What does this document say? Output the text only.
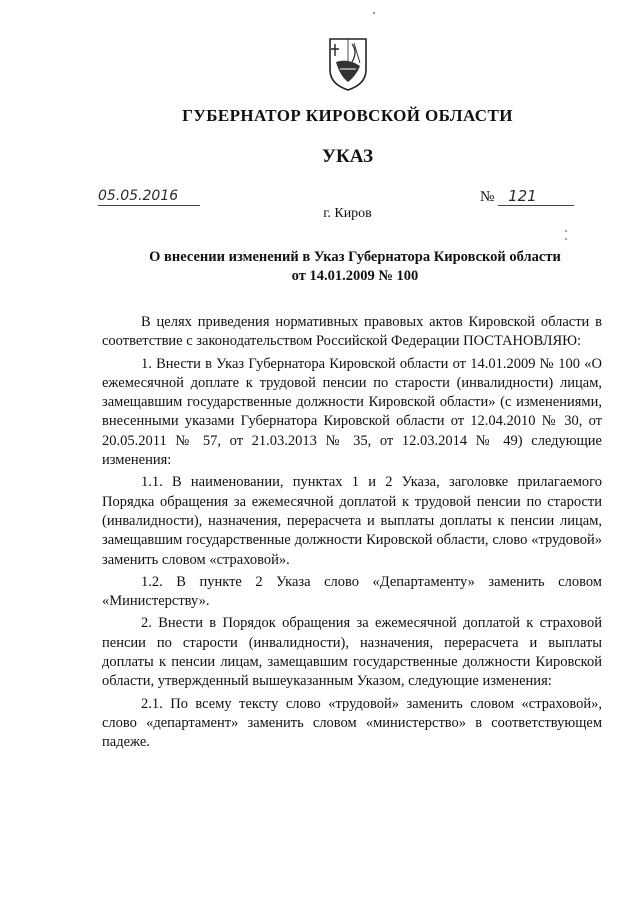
ГУБЕРНАТОР КИРОВСКОЙ ОБЛАСТИ
УКАЗ
05.05.2016	№ 121
г. Киров
О внесении изменений в Указ Губернатора Кировской области
от 14.01.2009 № 100

В целях приведения нормативных правовых актов Кировской области в соответствие с законодательством Российской Федерации ПОСТАНОВЛЯЮ:

1. Внести в Указ Губернатора Кировской области от 14.01.2009 № 100 «О ежемесячной доплате к трудовой пенсии по старости (инвалидности) лицам, замещавшим государственные должности Кировской области» (с изменениями, внесенными указами Губернатора Кировской области от 12.04.2010 № 30, от 20.05.2011 № 57, от 21.03.2013 № 35, от 12.03.2014 № 49) следующие изменения:

1.1. В наименовании, пунктах 1 и 2 Указа, заголовке прилагаемого Порядка обращения за ежемесячной доплатой к трудовой пенсии по старости (инвалидности), назначения, перерасчета и выплаты доплаты к пенсии лицам, замещавшим государственные должности Кировской области, слово «трудовой» заменить словом «страховой».

1.2. В пункте 2 Указа слово «Департаменту» заменить словом «Министерству».

2. Внести в Порядок обращения за ежемесячной доплатой к страховой пенсии по старости (инвалидности), назначения, перерасчета и выплаты доплаты к пенсии лицам, замещавшим государственные должности Кировской области, утвержденный вышеуказанным Указом, следующие изменения:

2.1. По всему тексту слово «трудовой» заменить словом «страховой», слово «департамент» заменить словом «министерство» в соответствующем падеже.
